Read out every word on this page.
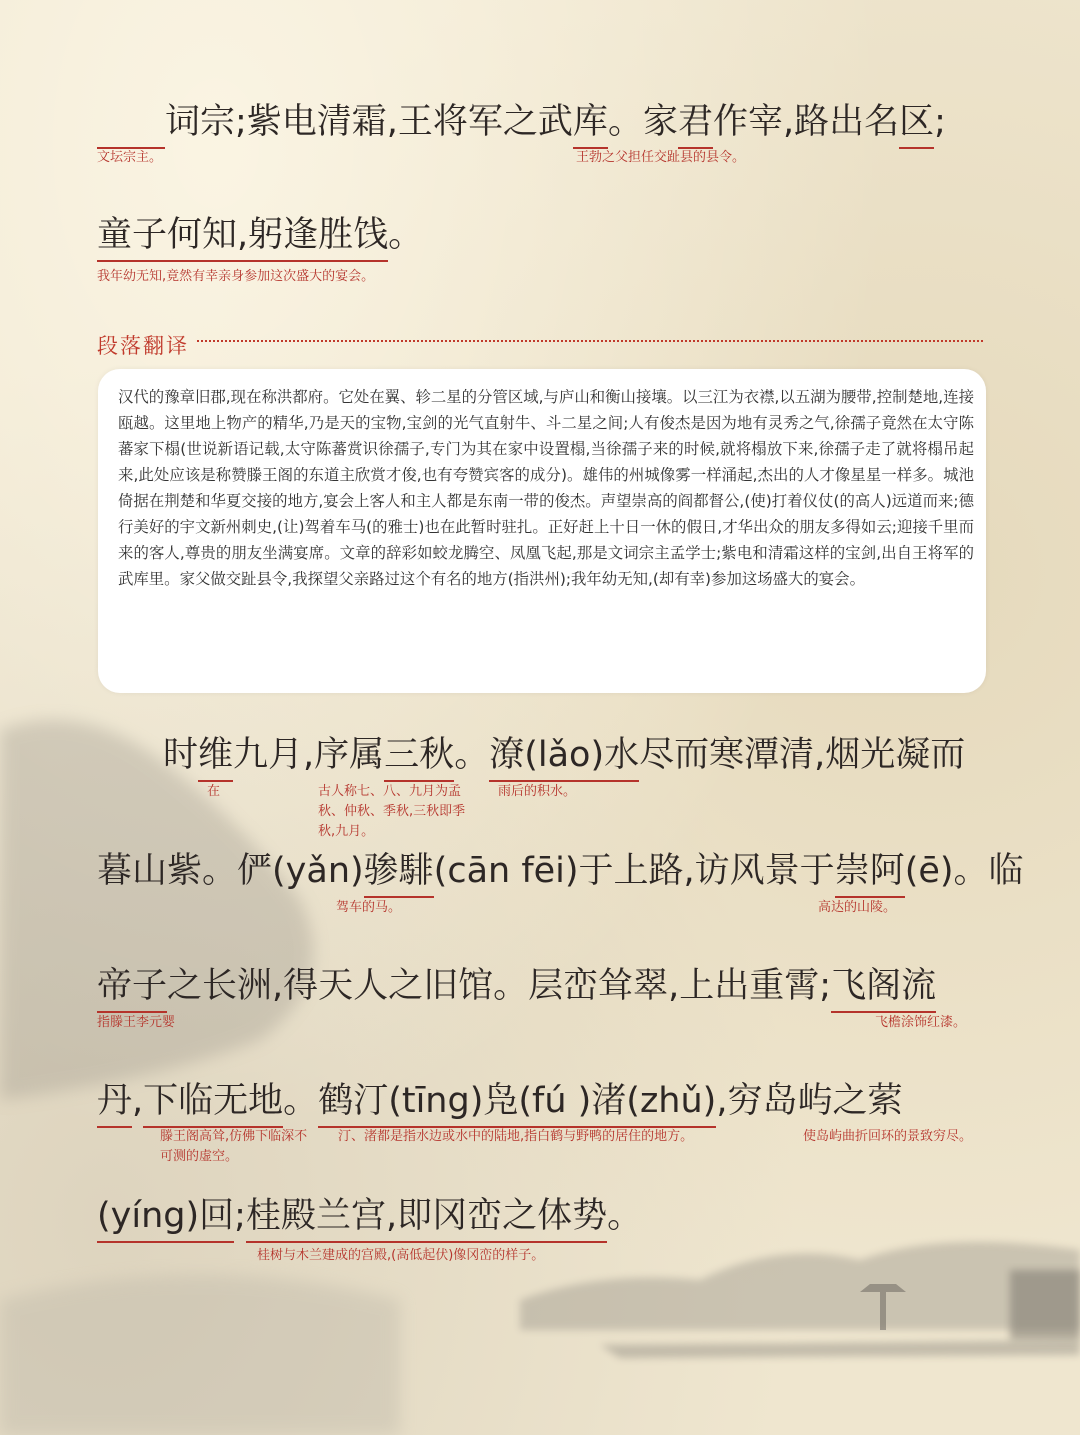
词宗;紫电清霜,王将军之武库。家君作宰,路出名区;
文坛宗主。	王勃之父担任交趾县的县令。
童子何知,躬逢胜饯。
我年幼无知,竟然有幸亲身参加这次盛大的宴会。
段落翻译
汉代的豫章旧郡,现在称洪都府。它处在翼、轸二星的分管区域,与庐山和衡山接壤。以三江为衣襟,以五湖为腰带,控制楚地,连接瓯越。这里地上物产的精华,乃是天的宝物,宝剑的光气直射牛、斗二星之间;人有俊杰是因为地有灵秀之气,徐孺子竟然在太守陈蕃家下榻(世说新语记载,太守陈蕃赏识徐孺子,专门为其在家中设置榻,当徐孺子来的时候,就将榻放下来,徐孺子走了就将榻吊起来,此处应该是称赞滕王阁的东道主欣赏才俊,也有夸赞宾客的成分)。雄伟的州城像雾一样涌起,杰出的人才像星星一样多。城池倚据在荆楚和华夏交接的地方,宴会上客人和主人都是东南一带的俊杰。声望崇高的阎都督公,(使)打着仪仗(的高人)远道而来;德行美好的宇文新州刺史,(让)驾着车马(的雅士)也在此暂时驻扎。正好赶上十日一休的假日,才华出众的朋友多得如云;迎接千里而来的客人,尊贵的朋友坐满宴席。文章的辞彩如蛟龙腾空、凤凰飞起,那是文词宗主孟学士;紫电和清霜这样的宝剑,出自王将军的武库里。家父做交趾县令,我探望父亲路过这个有名的地方(指洪州);我年幼无知,(却有幸)参加这场盛大的宴会。
时维九月,序属三秋。潦(lǎo)水尽而寒潭清,烟光凝而
在	古人称七、八、九月为孟秋、仲秋、季秋,三秋即季秋,九月。
雨后的积水。
暮山紫。俨(yǎn)骖騑(cān fēi)于上路,访风景于崇阿(ē)。临
驾车的马。	高达的山陵。
帝子之长洲,得天人之旧馆。层峦耸翠,上出重霄;飞阁流
指滕王李元婴	飞檐涂饰红漆。
丹,下临无地。鹤汀(tīng)凫(fú )渚(zhǔ),穷岛屿之萦
滕王阁高耸,仿佛下临深不可测的虚空。
汀、渚都是指水边或水中的陆地,指白鹤与野鸭的居住的地方。	使岛屿曲折回环的景致穷尽。
(yíng)回;桂殿兰宫,即冈峦之体势。
桂树与木兰建成的宫殿,(高低起伏)像冈峦的样子。
